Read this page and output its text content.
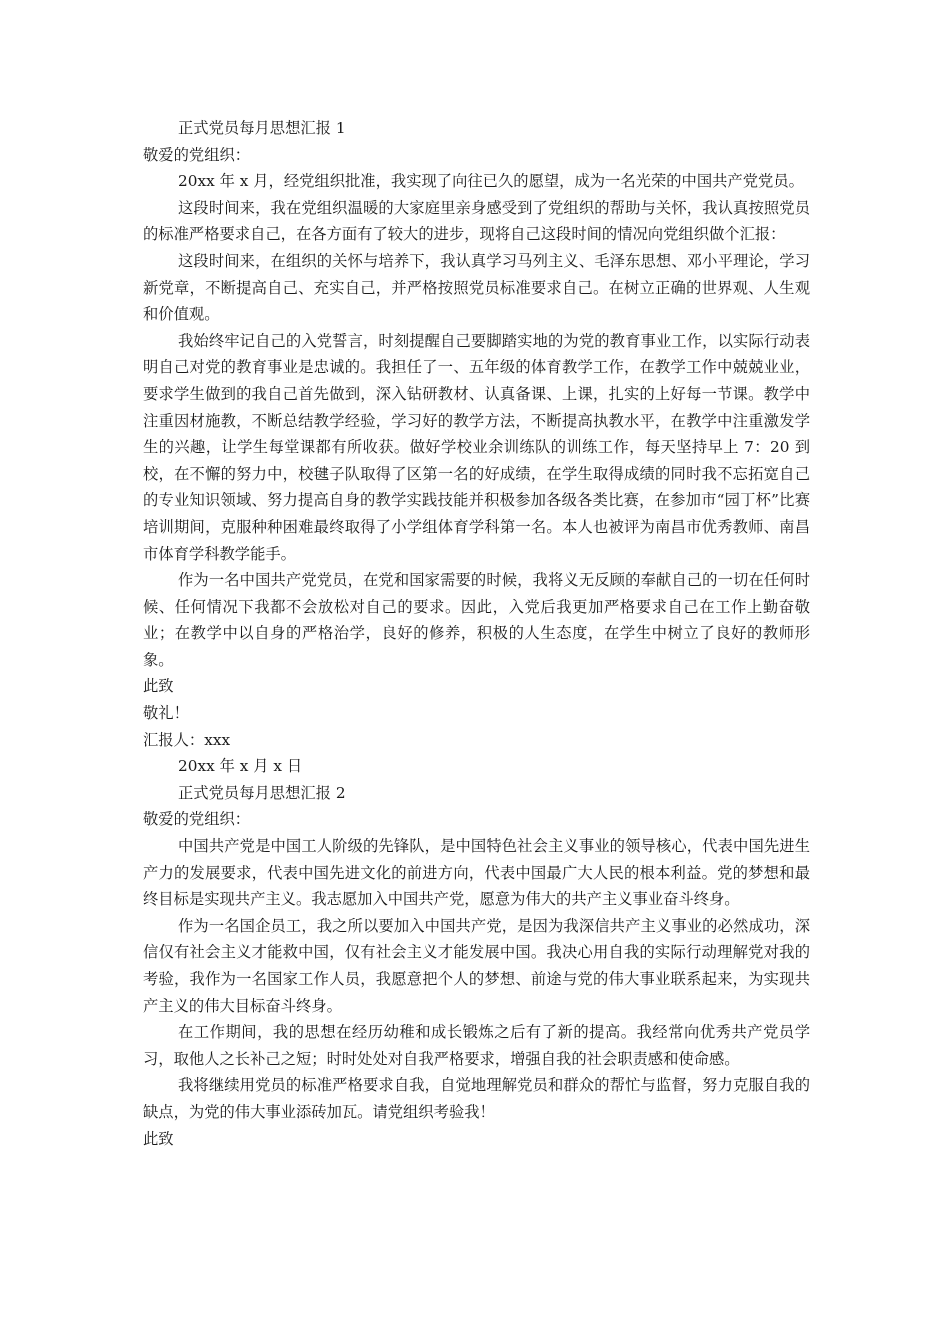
正式党员每月思想汇报 1

敬爱的党组织：

20xx 年 x 月，经党组织批准，我实现了向往已久的愿望，成为一名光荣的中国共产党党员。

这段时间来，我在党组织温暖的大家庭里亲身感受到了党组织的帮助与关怀，我认真按照党员的标准严格要求自己，在各方面有了较大的进步，现将自己这段时间的情况向党组织做个汇报：

这段时间来，在组织的关怀与培养下，我认真学习马列主义、毛泽东思想、邓小平理论，学习新党章，不断提高自己、充实自己，并严格按照党员标准要求自己。在树立正确的世界观、人生观和价值观。

我始终牢记自己的入党誓言，时刻提醒自己要脚踏实地的为党的教育事业工作，以实际行动表明自己对党的教育事业是忠诚的。我担任了一、五年级的体育教学工作，在教学工作中兢兢业业，要求学生做到的我自己首先做到，深入钻研教材、认真备课、上课，扎实的上好每一节课。教学中注重因材施教，不断总结教学经验，学习好的教学方法，不断提高执教水平，在教学中注重激发学生的兴趣，让学生每堂课都有所收获。做好学校业余训练队的训练工作，每天坚持早上 7：20 到校，在不懈的努力中，校毽子队取得了区第一名的好成绩，在学生取得成绩的同时我不忘拓宽自己的专业知识领域、努力提高自身的教学实践技能并积极参加各级各类比赛，在参加市“园丁杯”比赛培训期间，克服种种困难最终取得了小学组体育学科第一名。本人也被评为南昌市优秀教师、南昌市体育学科教学能手。

作为一名中国共产党党员，在党和国家需要的时候，我将义无反顾的奉献自己的一切在任何时候、任何情况下我都不会放松对自己的要求。因此，入党后我更加严格要求自己在工作上勤奋敬业；在教学中以自身的严格治学，良好的修养，积极的人生态度，在学生中树立了良好的教师形象。

此致

敬礼！

汇报人：xxx

20xx 年 x 月 x 日

正式党员每月思想汇报 2

敬爱的党组织：

中国共产党是中国工人阶级的先锋队，是中国特色社会主义事业的领导核心，代表中国先进生产力的发展要求，代表中国先进文化的前进方向，代表中国最广大人民的根本利益。党的梦想和最终目标是实现共产主义。我志愿加入中国共产党，愿意为伟大的共产主义事业奋斗终身。

作为一名国企员工，我之所以要加入中国共产党，是因为我深信共产主义事业的必然成功，深信仅有社会主义才能救中国，仅有社会主义才能发展中国。我决心用自我的实际行动理解党对我的考验，我作为一名国家工作人员，我愿意把个人的梦想、前途与党的伟大事业联系起来，为实现共产主义的伟大目标奋斗终身。

在工作期间，我的思想在经历幼稚和成长锻炼之后有了新的提高。我经常向优秀共产党员学习，取他人之长补己之短；时时处处对自我严格要求，增强自我的社会职责感和使命感。

我将继续用党员的标准严格要求自我，自觉地理解党员和群众的帮忙与监督，努力克服自我的缺点，为党的伟大事业添砖加瓦。请党组织考验我！

此致
